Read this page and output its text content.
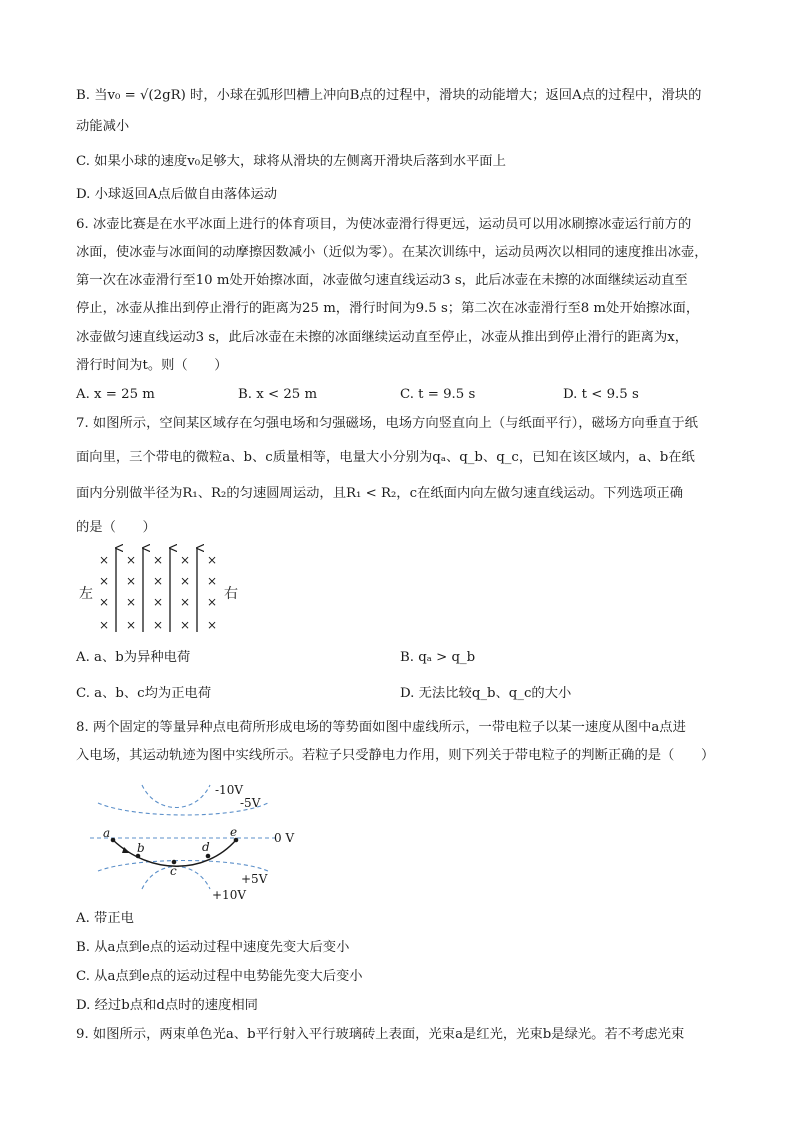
B. 当v₀ = √(2gR) 时，小球在弧形凹槽上冲向B点的过程中，滑块的动能增大；返回A点的过程中，滑块的
动能减小
C. 如果小球的速度v₀足够大，球将从滑块的左侧离开滑块后落到水平面上
D. 小球返回A点后做自由落体运动
6. 冰壶比赛是在水平冰面上进行的体育项目，为使冰壶滑行得更远，运动员可以用冰刷擦冰壶运行前方的
冰面，使冰壶与冰面间的动摩擦因数减小（近似为零）。在某次训练中，运动员两次以相同的速度推出冰壶，
第一次在冰壶滑行至10 m处开始擦冰面，冰壶做匀速直线运动3 s，此后冰壶在未擦的冰面继续运动直至
停止，冰壶从推出到停止滑行的距离为25 m，滑行时间为9.5 s；第二次在冰壶滑行至8 m处开始擦冰面，
冰壶做匀速直线运动3 s，此后冰壶在未擦的冰面继续运动直至停止，冰壶从推出到停止滑行的距离为x，
滑行时间为t。则（　　）
A. x = 25 m	B. x < 25 m	C. t = 9.5 s	D. t < 9.5 s
7. 如图所示，空间某区域存在匀强电场和匀强磁场，电场方向竖直向上（与纸面平行），磁场方向垂直于纸
面向里，三个带电的微粒a、b、c质量相等，电量大小分别为qₐ、q_b、q_c，已知在该区域内，a、b在纸
面内分别做半径为R₁、R₂的匀速圆周运动，且R₁ < R₂，c在纸面内向左做匀速直线运动。下列选项正确
的是（　　）
左	右
×
×
×
×
×
×
×
×
×
×
×
×
×
×
×
×
×
×
×
×
A. a、b为异种电荷	B. qₐ > q_b
C. a、b、c均为正电荷	D. 无法比较q_b、q_c的大小
8. 两个固定的等量异种点电荷所形成电场的等势面如图中虚线所示，一带电粒子以某一速度从图中a点进
入电场，其运动轨迹为图中实线所示。若粒子只受静电力作用，则下列关于带电粒子的判断正确的是（　　）
a
b
c
d
e
-10V
-5V
0 V
+5V
+10V
A. 带正电
B. 从a点到e点的运动过程中速度先变大后变小
C. 从a点到e点的运动过程中电势能先变大后变小
D. 经过b点和d点时的速度相同
9. 如图所示，两束单色光a、b平行射入平行玻璃砖上表面，光束a是红光，光束b是绿光。若不考虑光束
